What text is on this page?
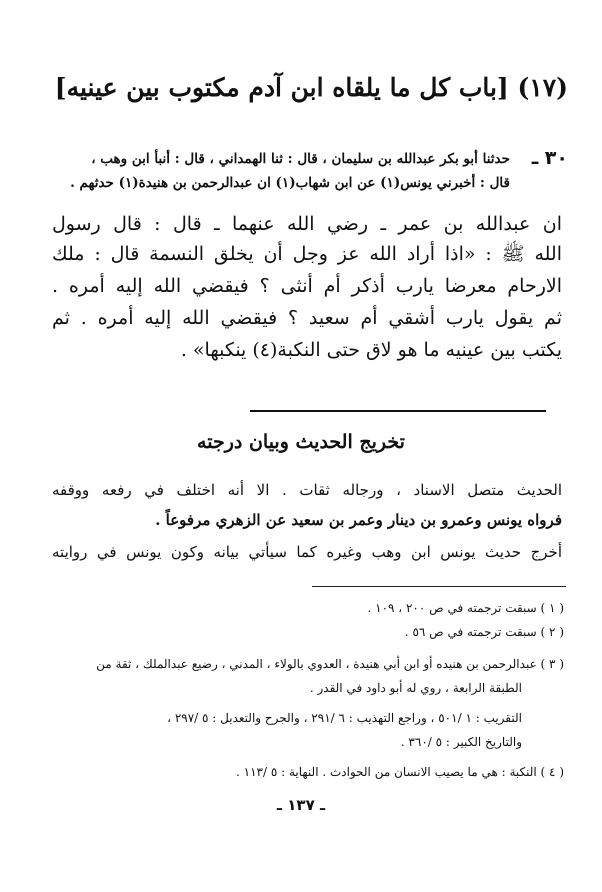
(١٧) [باب كل ما يلقاه ابن آدم مكتوب بين عينيه]
٣٠ ـ
حدثنا أبو بكر عبدالله بن سليمان ، قال : ثنا الهمداني ، قال : أنبأ ابن وهب ،
قال : أخبرني يونس(١) عن ابن شهاب(١) ان عبدالرحمن بن هنيدة(١) حدثهم .
ان عبدالله بن عمر ـ رضي الله عنهما ـ قال : قال رسول
الله ﷺ : «اذا أراد الله عز وجل أن يخلق النسمة قال : ملك
الارحام معرضا يارب أذكر أم أنثى ؟ فيقضي الله إليه أمره .
ثم يقول يارب أشقي أم سعيد ؟ فيقضي الله إليه أمره . ثم
يكتب بين عينيه ما هو لاق حتى النكبة(٤) ينكبها» .
تخريج الحديث وبيان درجته
الحديث متصل الاسناد ، ورجاله ثقات . الا أنه اختلف في رفعه ووقفه
فرواه يونس وعمرو بن دينار وعمر بن سعيد عن الزهري مرفوعاً .
أخرج حديث يونس ابن وهب وغيره كما سيأتي بيانه وكون يونس في روايته
( ١ ) سبقت ترجمته في ص ٢٠٠ ، ١٠٩ .
( ٢ ) سبقت ترجمته في ص ٥٦ .
( ٣ ) عبدالرحمن بن هنيده أو ابن أبي هنيدة ، العدوي بالولاء ، المدني ، رضيع عبدالملك ، ثقة من
الطبقة الرابعة ، روي له أبو داود في القدر .
التقريب : ١ /٥٠١ ، وراجع التهذيب : ٦ /٢٩١ ، والجرح والتعديل : ٥ /٢٩٧ ،
والتاريخ الكبير : ٥ /٣٦٠ .
( ٤ ) النكبة : هي ما يصيب الانسان من الحوادث . النهاية : ٥ /١١٣ .
ـ ١٣٧ ـ
